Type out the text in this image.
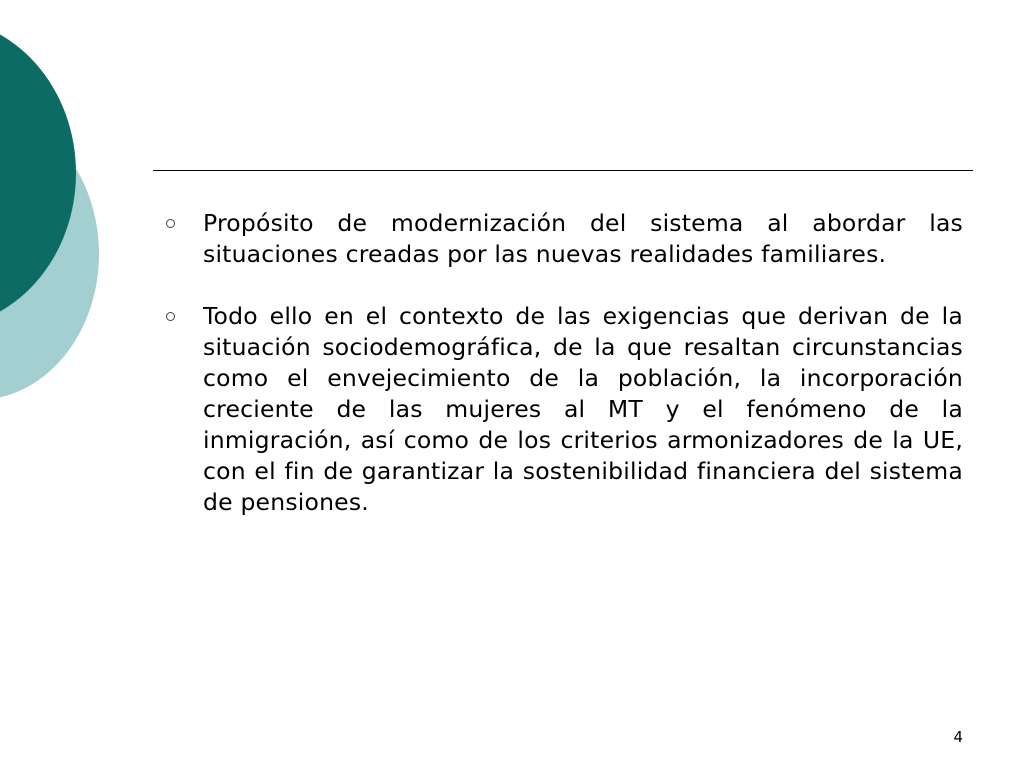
Propósito de modernización del sistema al abordar las situaciones creadas por las nuevas realidades familiares.
Todo ello en el contexto de las exigencias que derivan de la situación sociodemográfica, de la que resaltan circunstancias como el envejecimiento de la población, la incorporación creciente de las mujeres al MT y el fenómeno de la inmigración, así como de los criterios armonizadores de la UE, con el fin de garantizar la sostenibilidad financiera del sistema de pensiones.
4
